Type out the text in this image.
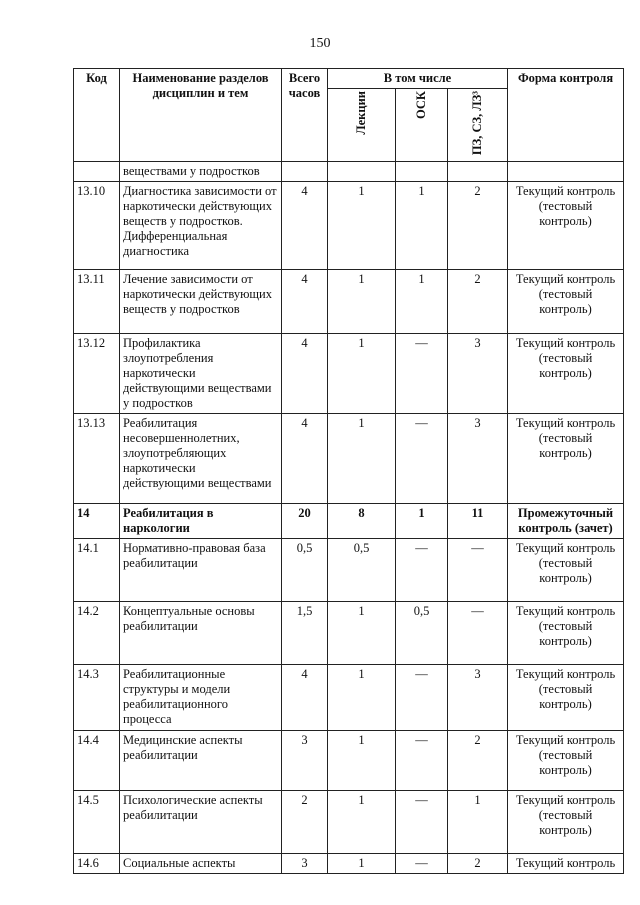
150
Код	Наименование разделов дисциплин и тем	Всего часов	В том числе			Форма контроля
			Лекции	ОСК	ПЗ, СЗ, ЛЗ³	
	веществами у подростков					
13.10	Диагностика зависимости от наркотически действующих веществ у подростков. Дифференциальная диагностика	4	1	1	2	Текущий контроль (тестовый контроль)
13.11	Лечение зависимости от наркотически действующих веществ у подростков	4	1	1	2	Текущий контроль (тестовый контроль)
13.12	Профилактика злоупотребления наркотически действующими веществами у подростков	4	1	—	3	Текущий контроль (тестовый контроль)
13.13	Реабилитация несовершеннолетних, злоупотребляющих наркотически действующими веществами	4	1	—	3	Текущий контроль (тестовый контроль)
14	Реабилитация в наркологии	20	8	1	11	Промежуточный контроль (зачет)
14.1	Нормативно-правовая база реабилитации	0,5	0,5	—	—	Текущий контроль (тестовый контроль)
14.2	Концептуальные основы реабилитации	1,5	1	0,5	—	Текущий контроль (тестовый контроль)
14.3	Реабилитационные структуры и модели реабилитационного процесса	4	1	—	3	Текущий контроль (тестовый контроль)
14.4	Медицинские аспекты реабилитации	3	1	—	2	Текущий контроль (тестовый контроль)
14.5	Психологические аспекты реабилитации	2	1	—	1	Текущий контроль (тестовый контроль)
14.6	Социальные аспекты	3	1	—	2	Текущий контроль
